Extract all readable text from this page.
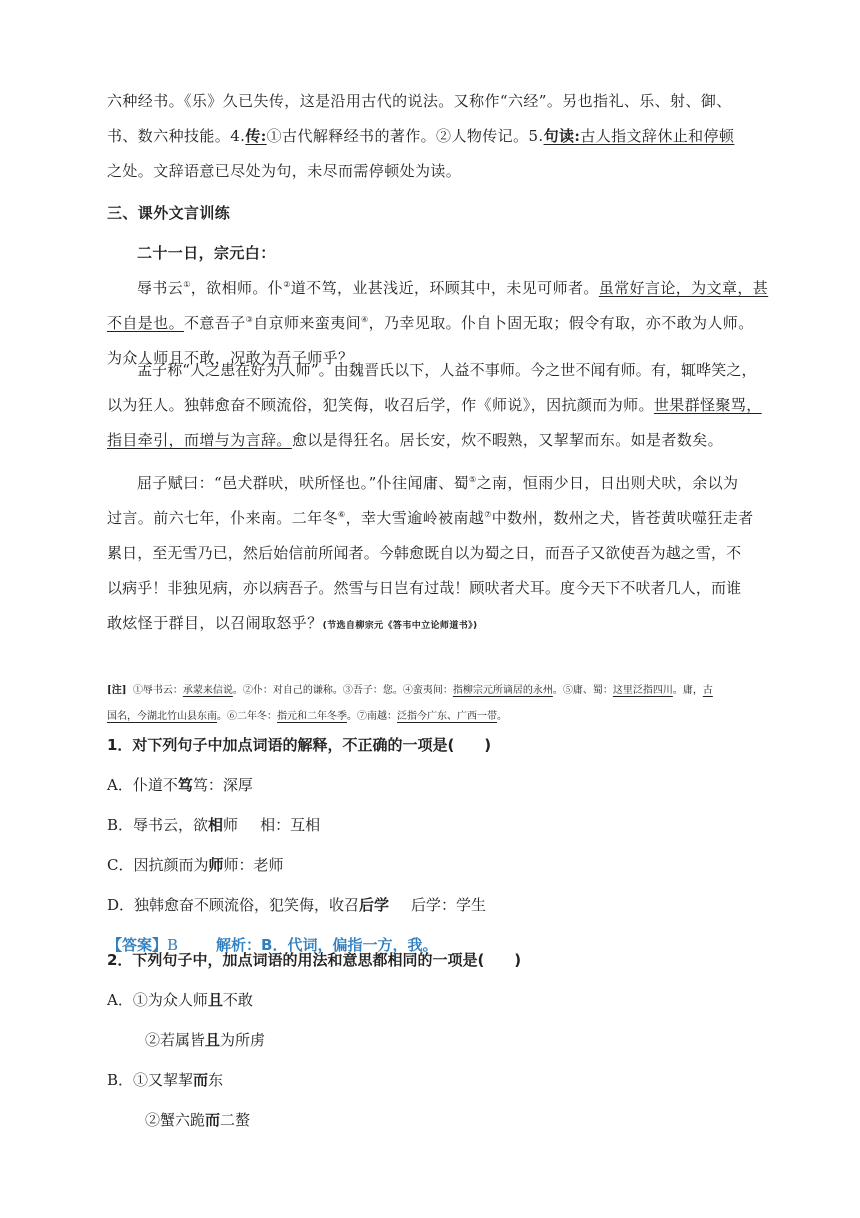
六种经书。《乐》久已失传，这是沿用古代的说法。又称作“六经”。另也指礼、乐、射、御、
书、数六种技能。4.传:①古代解释经书的著作。②人物传记。5.句读:古人指文辞休止和停顿
之处。文辞语意已尽处为句，未尽而需停顿处为读。
三、课外文言训练
二十一日，宗元白：
辱书云①，欲相师。仆②道不笃，业甚浅近，环顾其中，未见可师者。虽常好言论，为文章，甚
不自是也。不意吾子③自京师来蛮夷间④，乃幸见取。仆自卜固无取；假令有取，亦不敢为人师。
为众人师且不敢，况敢为吾子师乎？
孟子称“人之患在好为人师”。由魏晋氏以下，人益不事师。今之世不闻有师。有，辄哗笑之，
以为狂人。独韩愈奋不顾流俗，犯笑侮，收召后学，作《师说》，因抗颜而为师。世果群怪聚骂，
指目牵引，而增与为言辞。愈以是得狂名。居长安，炊不暇熟，又挈挈而东。如是者数矣。
屈子赋曰：“邑犬群吠，吠所怪也。”仆往闻庸、蜀⑤之南，恒雨少日，日出则犬吠，余以为
过言。前六七年，仆来南。二年冬⑥，幸大雪逾岭被南越⑦中数州，数州之犬，皆苍黄吠噬狂走者
累日，至无雪乃已，然后始信前所闻者。今韩愈既自以为蜀之日，而吾子又欲使吾为越之雪，不
以病乎！非独见病，亦以病吾子。然雪与日岂有过哉！顾吠者犬耳。度今天下不吠者几人，而谁
敢炫怪于群目，以召闹取怒乎？(节选自柳宗元《答韦中立论师道书》)
[注] ①辱书云：承蒙来信说。②仆：对自己的谦称。③吾子：您。④蛮夷间：指柳宗元所谪居的永州。⑤庸、蜀：这里泛指四川。庸，古
国名，今湖北竹山县东南。⑥二年冬：指元和二年冬季。⑦南越：泛指今广东、广西一带。
1．对下列句子中加点词语的解释，不正确的一项是(　　)
A．仆道不笃笃：深厚
B．辱书云，欲相师 相：互相
C．因抗颜而为师师：老师
D．独韩愈奋不顾流俗，犯笑侮，收召后学 后学：学生
【答案】B	解析：B．代词，偏指一方，我。
2．下列句子中，加点词语的用法和意思都相同的一项是(　　)
A．①为众人师且不敢
②若属皆且为所虏
B．①又挈挈而东
②蟹六跪而二螯
